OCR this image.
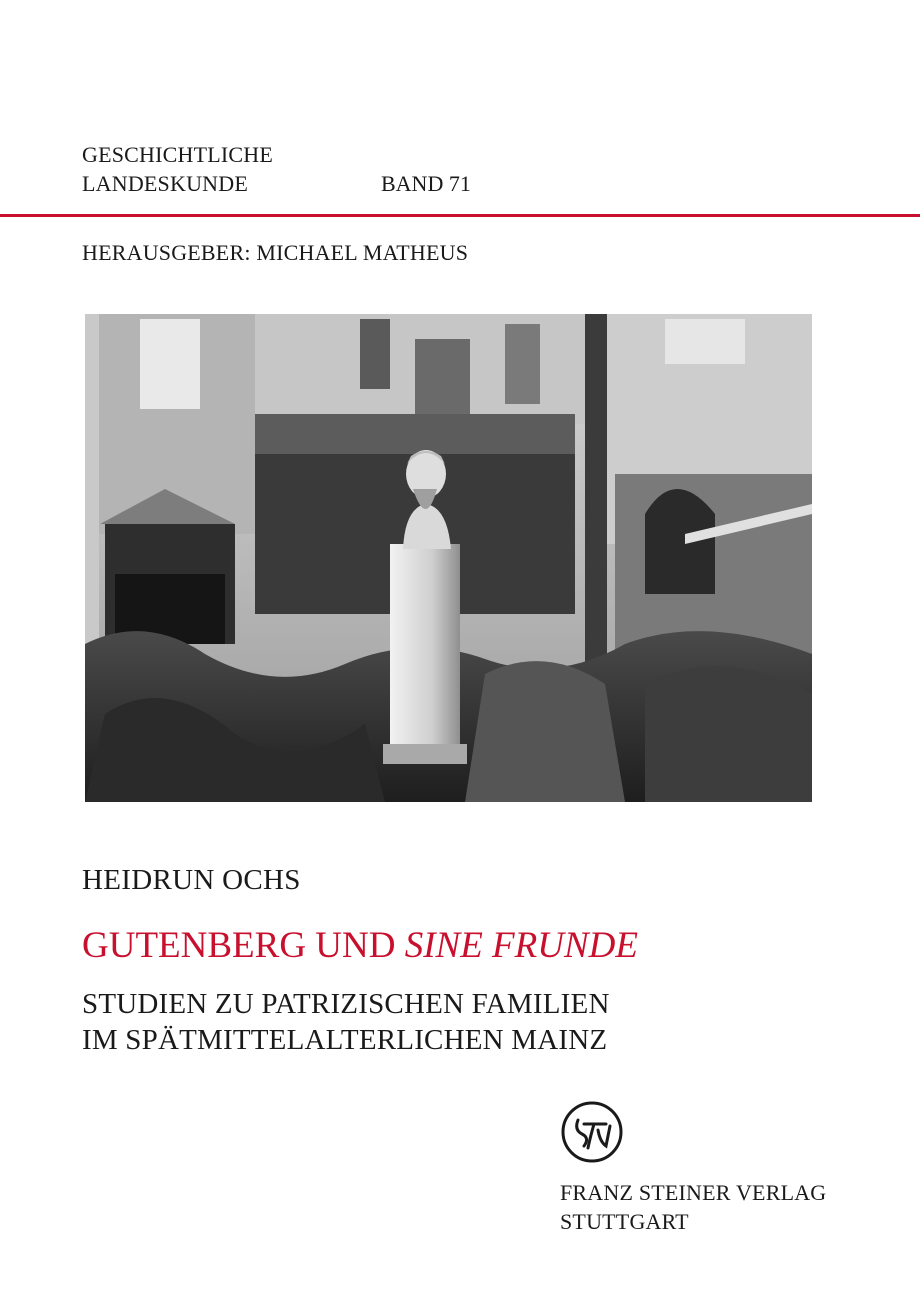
GESCHICHTLICHE
LANDESKUNDE	BAND 71
HERAUSGEBER: MICHAEL MATHEUS
HEIDRUN OCHS
GUTENBERG UND SINE FRUNDE
STUDIEN ZU PATRIZISCHEN FAMILIEN
IM SPÄTMITTELALTERLICHEN MAINZ
FRANZ STEINER VERLAG
STUTTGART
